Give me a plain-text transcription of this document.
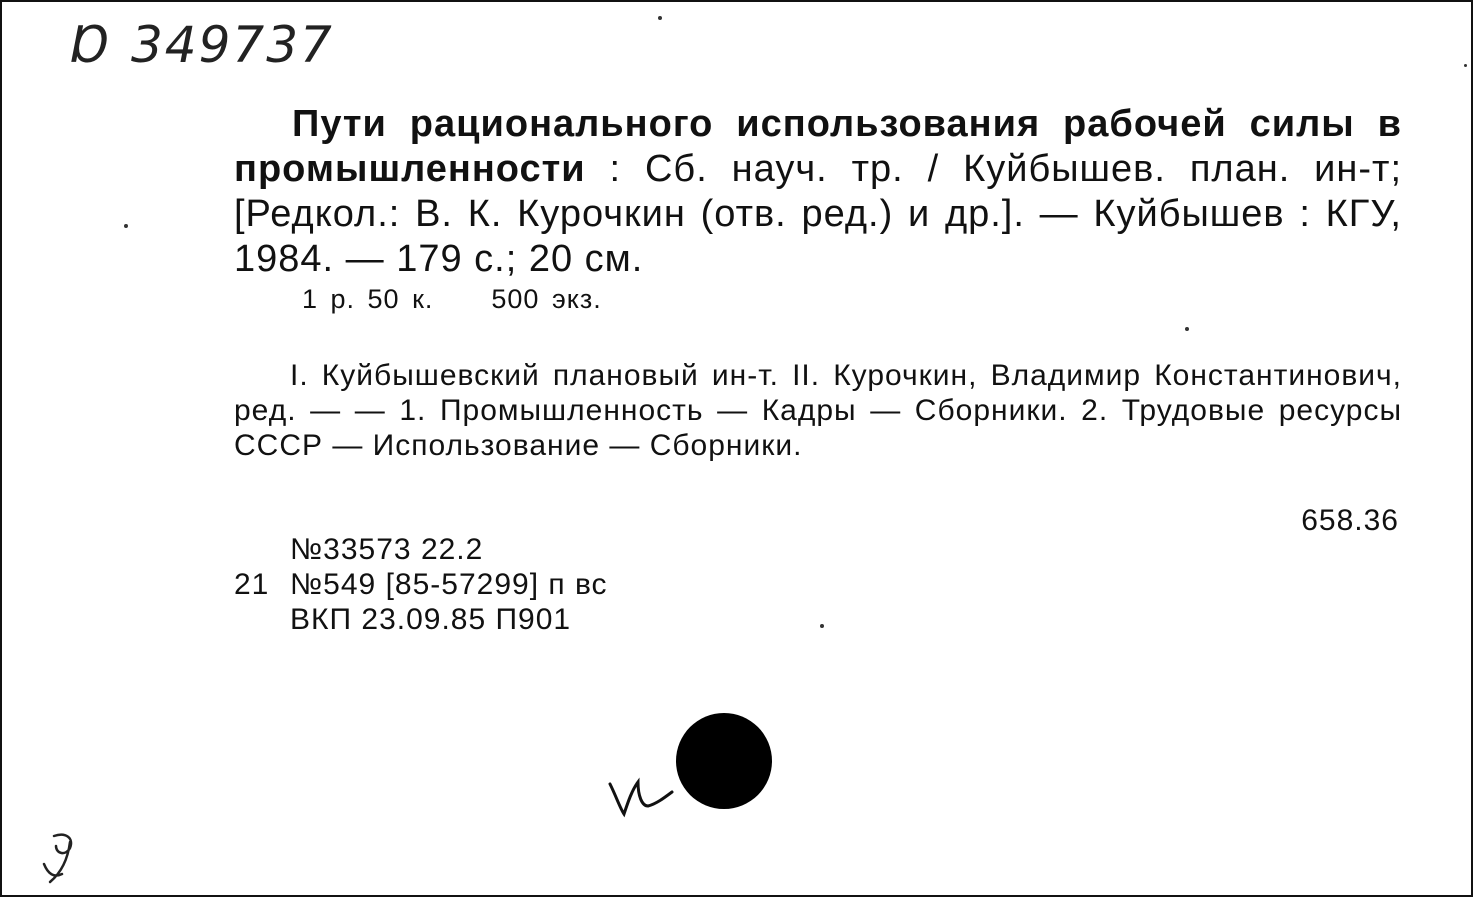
Ɒ 349737

Пути рационального использования рабочей силы в промышленности : Сб. науч. тр. / Куйбышев. план. ин-т; [Редкол.: В. К. Курочкин (отв. ред.) и др.]. — Куйбышев : КГУ, 1984. — 179 с.; 20 см.

1 р. 50 к. 500 экз.

I. Куйбышевский плановый ин-т. II. Курочкин, Владимир Константинович, ред. — — 1. Промышленность — Кадры — Сборники. 2. Трудовые ресурсы СССР — Использование — Сборники.

658.36
№33573 22.2
21 №549 [85-57299] п вс
ВКП 23.09.85 П901
